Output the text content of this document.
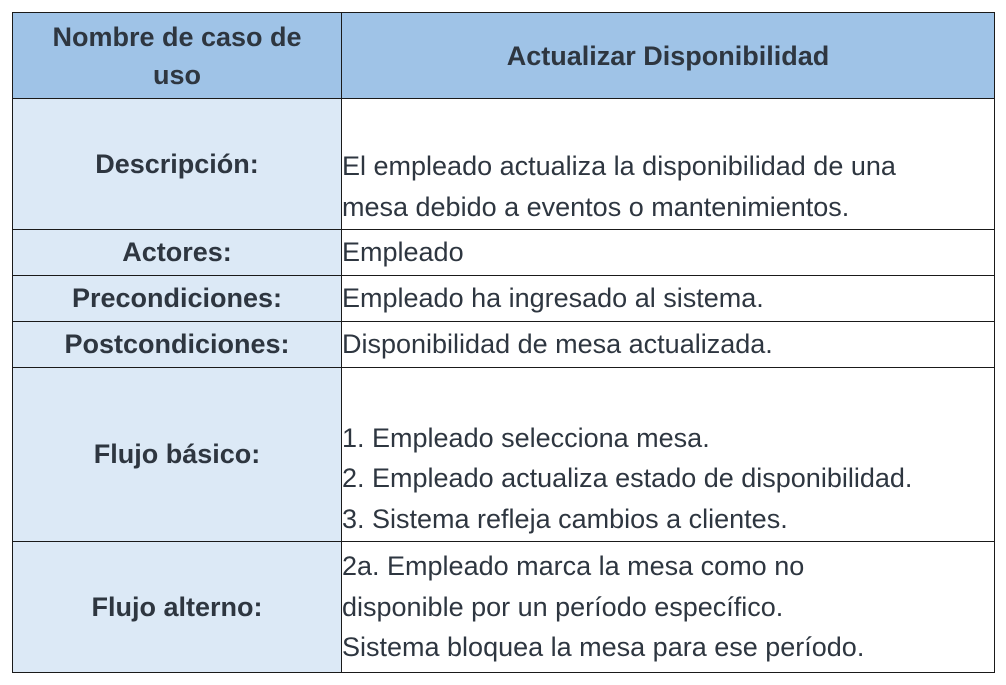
Nombre de caso de uso	Actualizar Disponibilidad
Descripción:	El empleado actualiza la disponibilidad de una
mesa debido a eventos o mantenimientos.

Actores:	Empleado

Precondiciones:	Empleado ha ingresado al sistema.

Postcondiciones:	Disponibilidad de mesa actualizada.

Flujo básico:	1. Empleado selecciona mesa.
2. Empleado actualiza estado de disponibilidad.
3. Sistema refleja cambios a clientes.

Flujo alterno:	2a. Empleado marca la mesa como no
disponible por un período específico.
Sistema bloquea la mesa para ese período.
